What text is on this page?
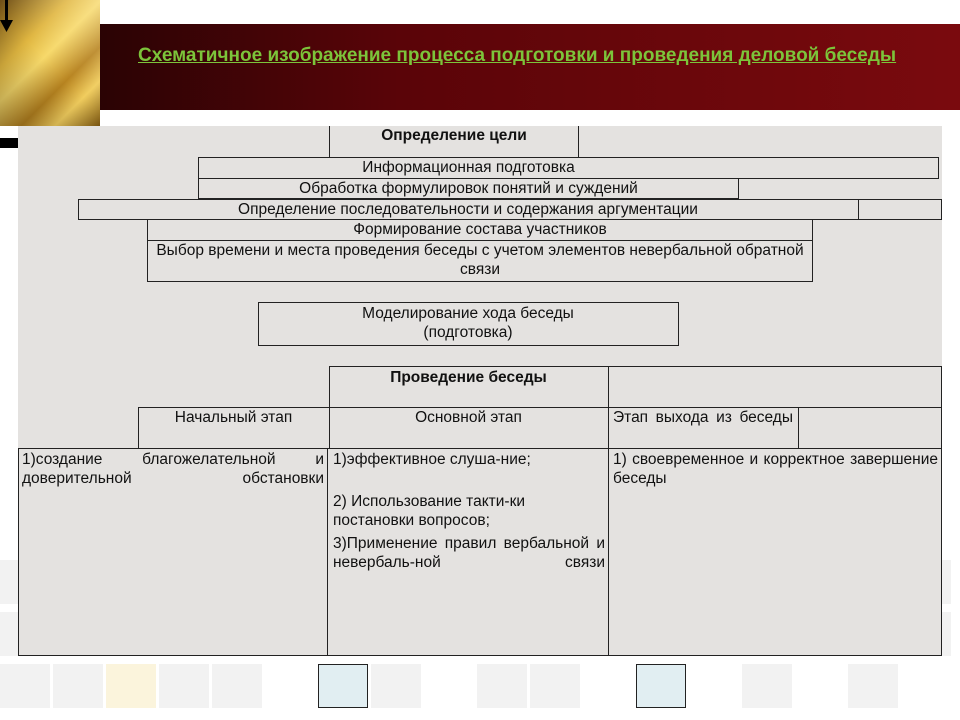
Схематичное изображение процесса подготовки и проведения деловой беседы
Определение цели
Информационная подготовка
Обработка формулировок понятий и суждений
Определение последовательности и содержания аргументации
Формирование состава участников
Выбор времени и места проведения беседы с учетом элементов невербальной обратной связи
Моделирование хода беседы (подготовка)
Проведение беседы
Начальный этап	Основной этап	Этап выхода из беседы
1)создание благожелательной и доверительной обстановки
1)эффективное слуша-ние;
2) Использование такти-ки постановки вопросов;
3)Применение правил вербальной и невербаль-ной связи
1) своевременное и корректное завершение беседы
